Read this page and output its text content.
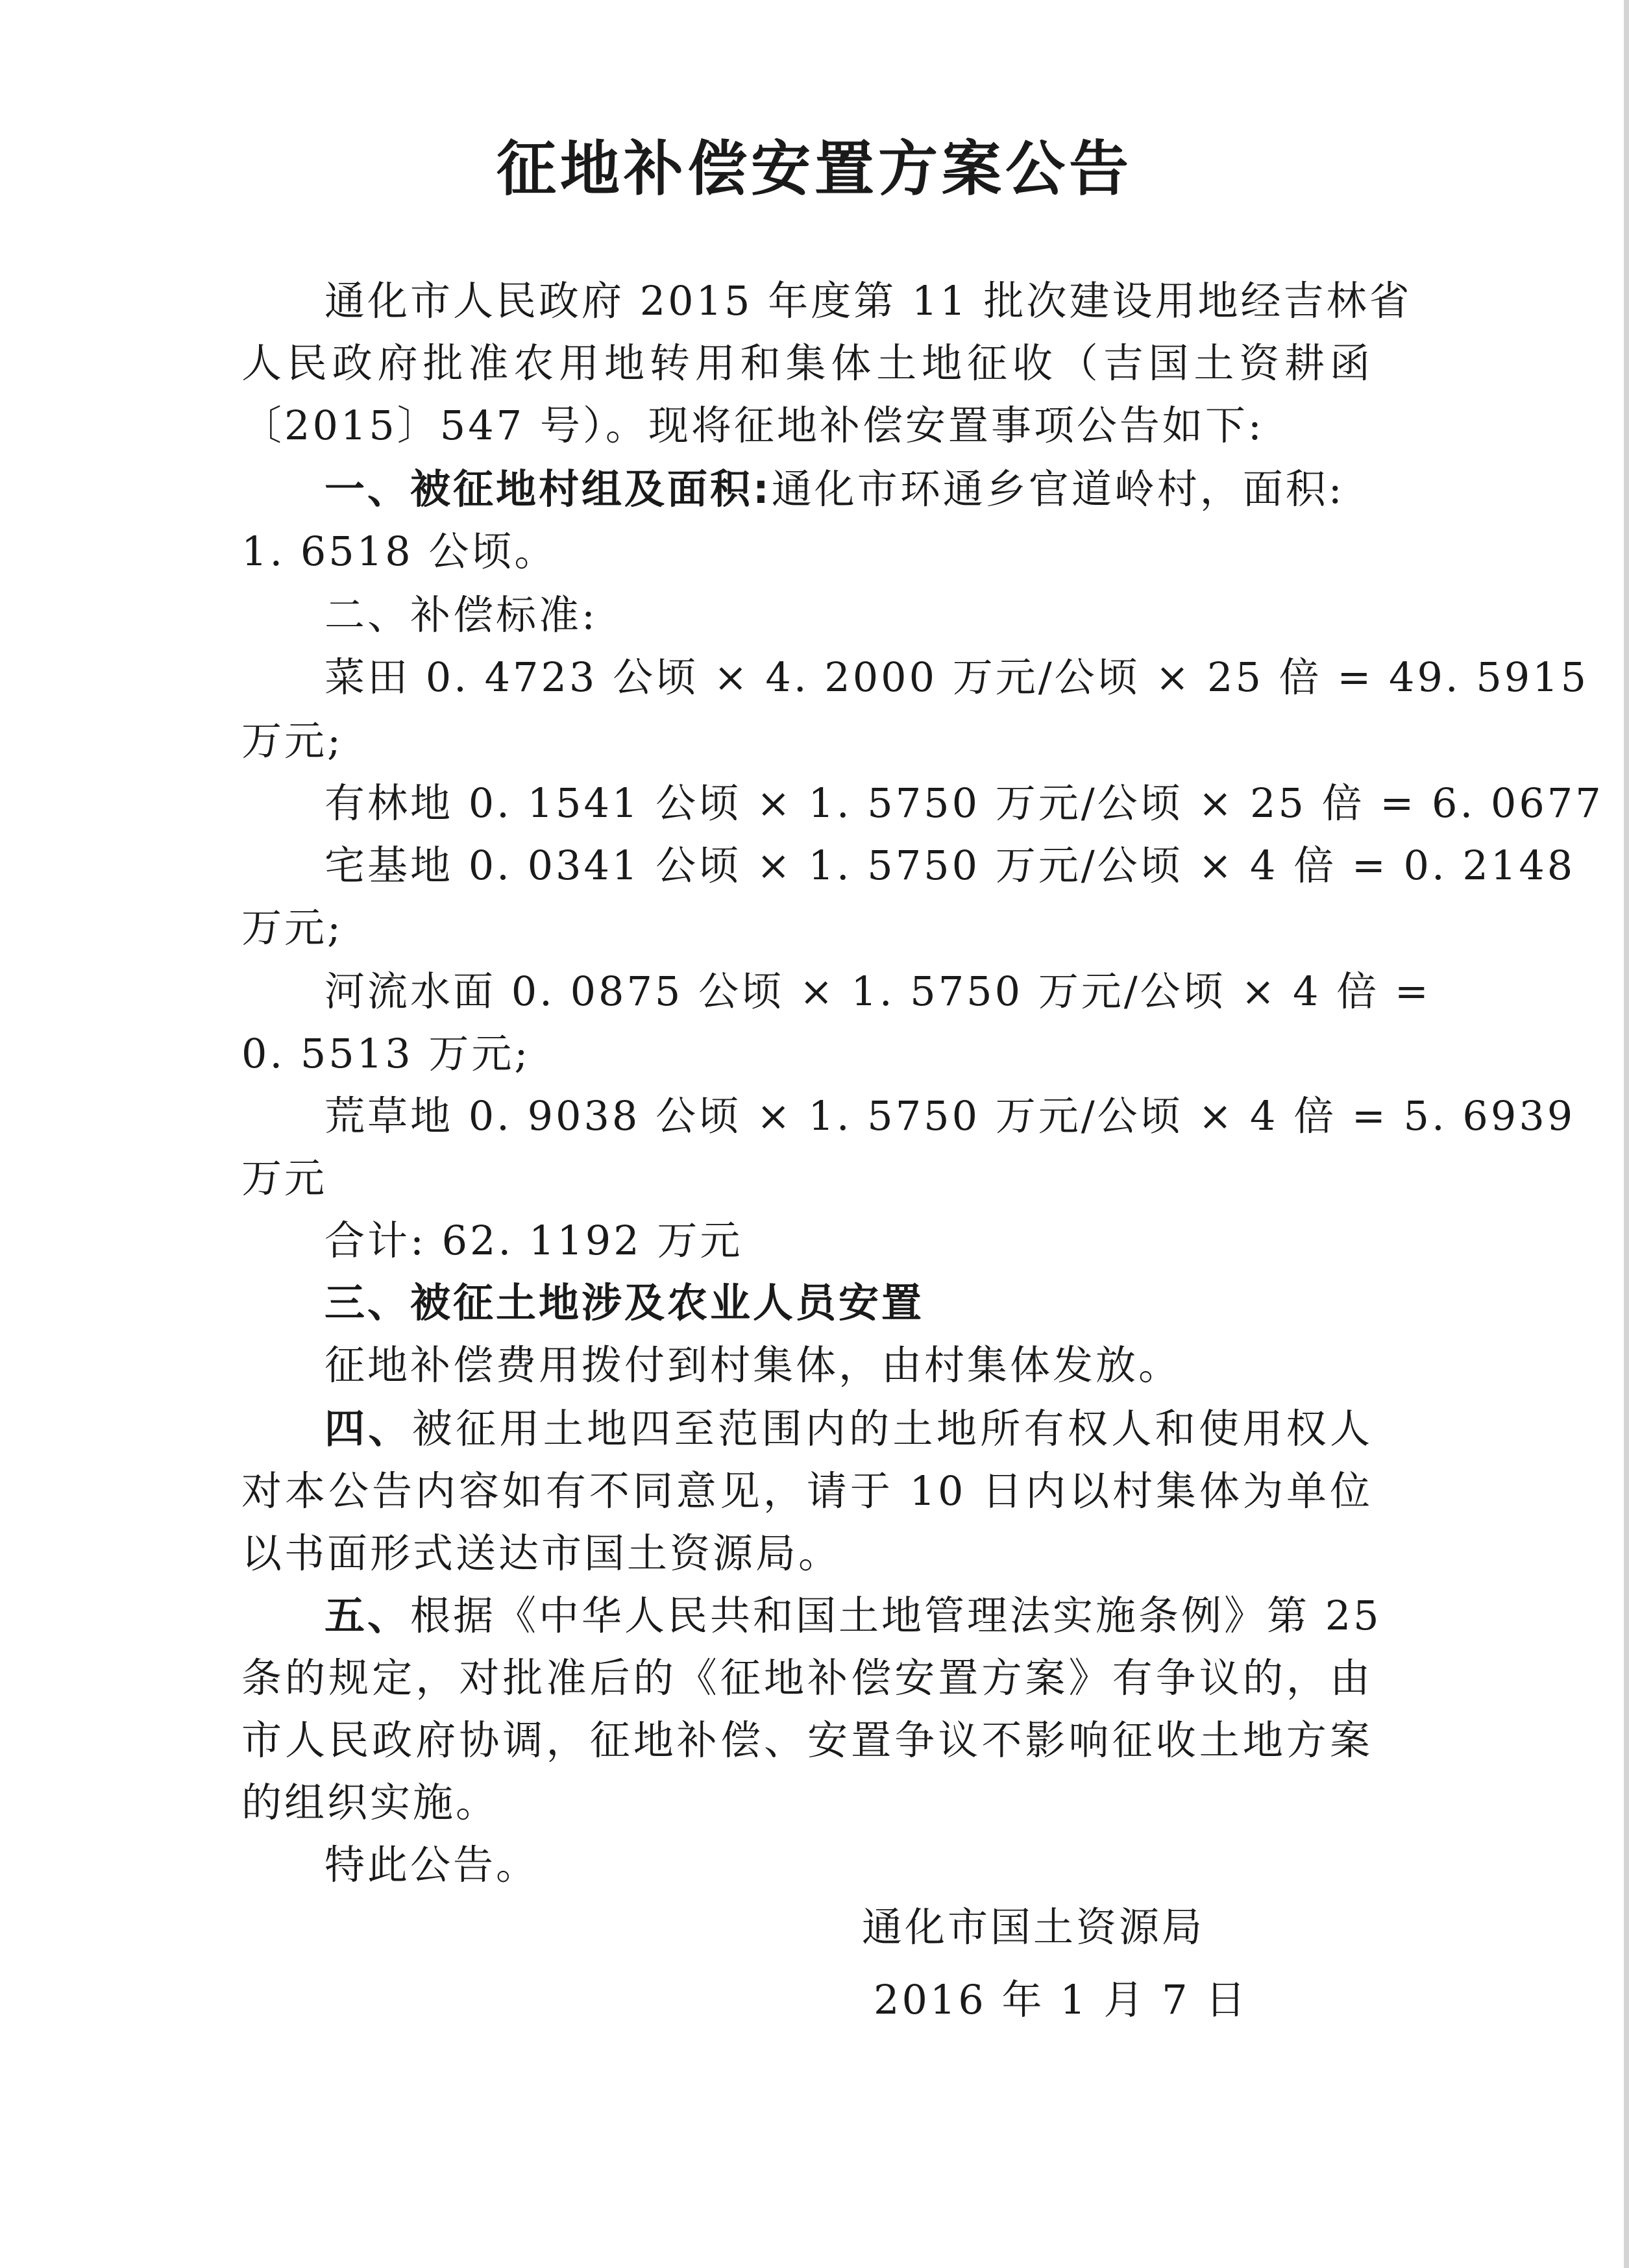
征地补偿安置方案公告
通化市人民政府 2015 年度第 11 批次建设用地经吉林省
人民政府批准农用地转用和集体土地征收（吉国土资耕函
〔2015〕547 号）。现将征地补偿安置事项公告如下:
一、被征地村组及面积:通化市环通乡官道岭村，面积:
1. 6518 公顷。
二、补偿标准:
菜田 0. 4723 公顷 × 4. 2000 万元/公顷 × 25 倍 = 49. 5915
万元;
有林地 0. 1541 公顷 × 1. 5750 万元/公顷 × 25 倍 = 6. 0677
宅基地 0. 0341 公顷 × 1. 5750 万元/公顷 × 4 倍 = 0. 2148
万元;
河流水面 0. 0875 公顷 × 1. 5750 万元/公顷 × 4 倍 =
0. 5513 万元;
荒草地 0. 9038 公顷 × 1. 5750 万元/公顷 × 4 倍 = 5. 6939
万元
合计: 62. 1192 万元
三、被征土地涉及农业人员安置
征地补偿费用拨付到村集体，由村集体发放。
四、被征用土地四至范围内的土地所有权人和使用权人
对本公告内容如有不同意见，请于 10 日内以村集体为单位
以书面形式送达市国土资源局。
五、根据《中华人民共和国土地管理法实施条例》第 25
条的规定，对批准后的《征地补偿安置方案》有争议的，由
市人民政府协调，征地补偿、安置争议不影响征收土地方案
的组织实施。
特此公告。
通化市国土资源局
2016 年 1 月 7 日
